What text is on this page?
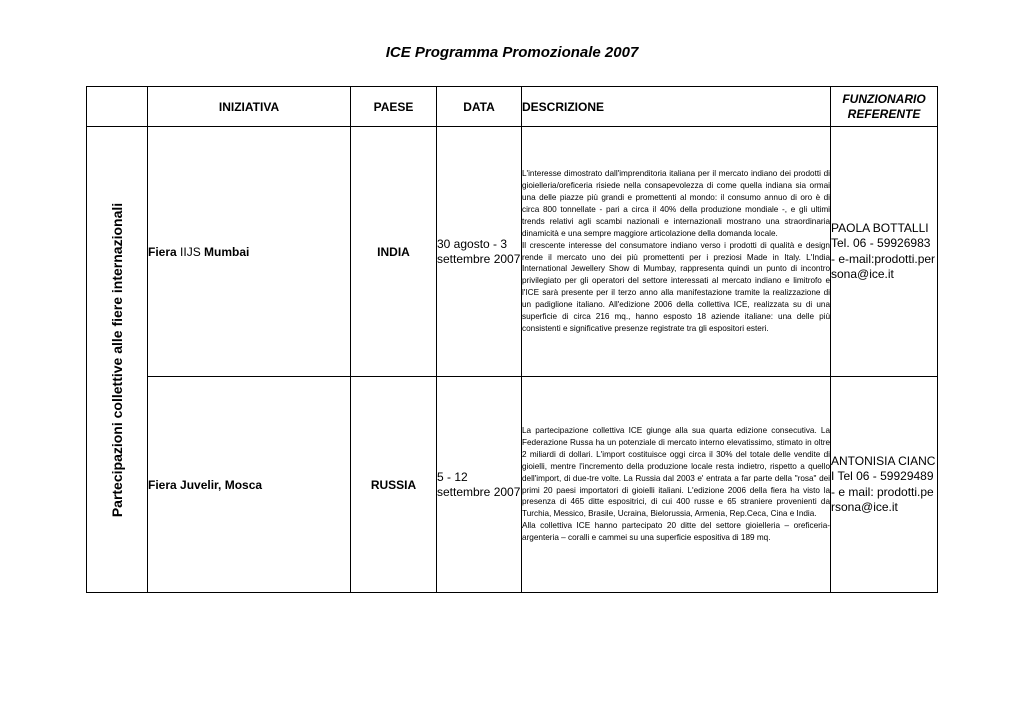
ICE Programma Promozionale 2007
	INIZIATIVA	PAESE	DATA	DESCRIZIONE	FUNZIONARIO
REFERENTE

Partecipazioni collettive alle fiere internazionali	Fiera IIJS Mumbai	INDIA	30 agosto - 3 settembre 2007	L'interesse dimostrato dall'imprenditoria italiana per il mercato indiano dei prodotti di gioielleria/oreficeria risiede nella consapevolezza di come quella indiana sia ormai una delle piazze più grandi e promettenti al mondo: il consumo annuo di oro è di circa 800 tonnellate - pari a circa il 40% della produzione mondiale -, e gli ultimi trends relativi agli scambi nazionali e internazionali mostrano una straordinaria dinamicità e una sempre maggiore articolazione della domanda locale.

Il crescente interesse del consumatore indiano verso i prodotti di qualità e design rende il mercato uno dei più promettenti per i preziosi Made in Italy. L'India International Jewellery Show di Mumbay, rappresenta quindi un punto di incontro privilegiato per gli operatori del settore interessati al mercato indiano e limitrofo e l'ICE sarà presente per il terzo anno alla manifestazione tramite la realizzazione di un padiglione italiano. All'edizione 2006 della collettiva ICE, realizzata su di una superficie di circa 216 mq., hanno esposto 18 aziende italiane: una delle più consistenti e significative presenze registrate tra gli espositori esteri.	PAOLA BOTTALLI Tel. 06 - 59926983 - e-mail:prodotti.persona@ice.it
	Fiera Juvelir, Mosca	RUSSIA	5 - 12 settembre 2007	La partecipazione collettiva ICE giunge alla sua quarta edizione consecutiva. La Federazione Russa ha un potenziale di mercato interno elevatissimo, stimato in oltre 2 miliardi di dollari. L'import costituisce oggi circa il 30% del totale delle vendite di gioielli, mentre l'incremento della produzione locale resta indietro, rispetto a quello dell'import, di due-tre volte. La Russia dal 2003 e' entrata a far parte della "rosa" dei primi 20 paesi importatori di gioielli italiani. L'edizione 2006 della fiera ha visto la presenza di 465 ditte espositrici, di cui 400 russe e 65 straniere provenienti da Turchia, Messico, Brasile, Ucraina, Bielorussia, Armenia, Rep.Ceca, Cina e India.

Alla collettiva ICE hanno partecipato 20 ditte del settore gioielleria – oreficeria-argenteria – coralli e cammei su una superficie espositiva di 189 mq.	ANTONISIA CIANCI Tel 06 - 59929489 - e mail: prodotti.persona@ice.it
